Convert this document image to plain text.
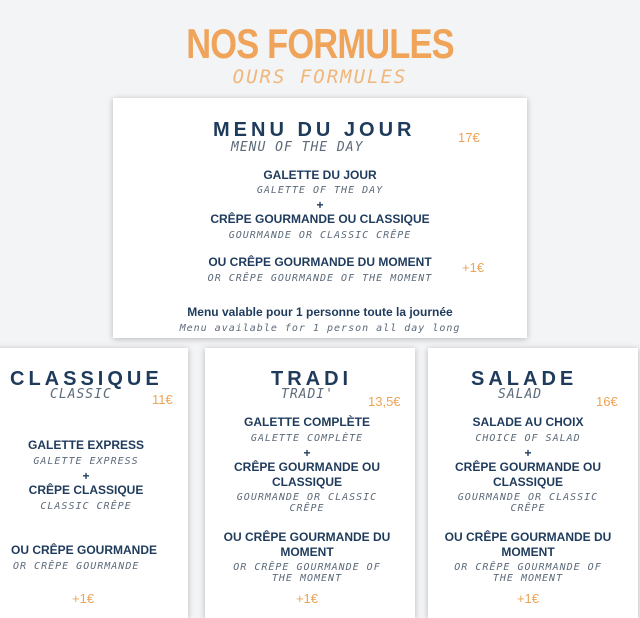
NOS FORMULES
OURS FORMULES
MENU DU JOUR
MENU OF THE DAY
17€
GALETTE DU JOUR
GALETTE OF THE DAY
+
CRÊPE GOURMANDE OU CLASSIQUE
GOURMANDE OR CLASSIC CRÊPE
OU CRÊPE GOURMANDE DU MOMENT
OR CRÊPE GOURMANDE OF THE MOMENT
+1€
Menu valable pour 1 personne toute la journée
Menu available for 1 person all day long
CLASSIQUE
CLASSIC	11€
GALETTE EXPRESS
GALETTE EXPRESS
+
CRÊPE CLASSIQUE
CLASSIC CRÊPE
OU CRÊPE GOURMANDE
OR CRÊPE GOURMANDE
+1€
TRADI
TRADI'	13,5€
GALETTE COMPLÈTE
GALETTE COMPLÈTE
+
CRÊPE GOURMANDE OU
CLASSIQUE
GOURMANDE OR CLASSIC
CRÊPE
OU CRÊPE GOURMANDE DU
MOMENT
OR CRÊPE GOURMANDE OF
THE MOMENT
+1€
SALADE
SALAD	16€
SALADE AU CHOIX
CHOICE OF SALAD
+
CRÊPE GOURMANDE OU
CLASSIQUE
GOURMANDE OR CLASSIC
CRÊPE
OU CRÊPE GOURMANDE DU
MOMENT
OR CRÊPE GOURMANDE OF
THE MOMENT
+1€
